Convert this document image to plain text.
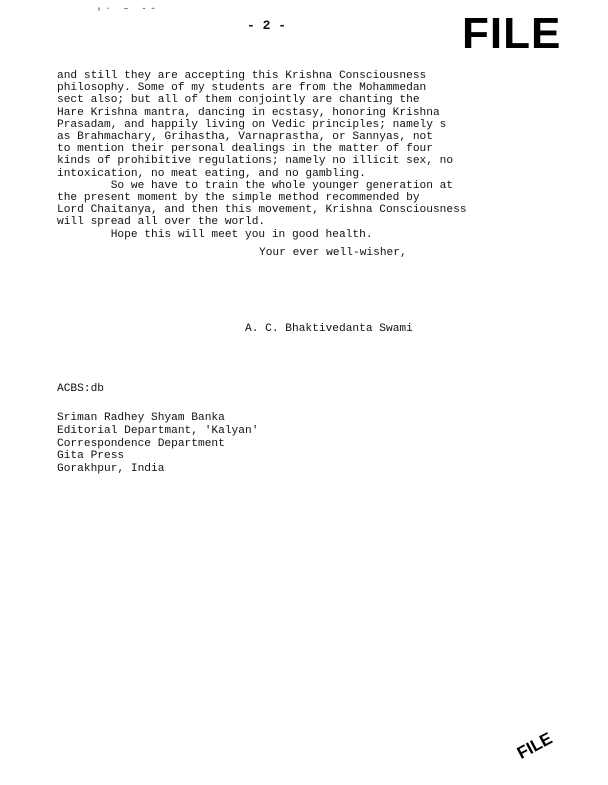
′´ ˜ ˇˆ
- 2 -	FILE
and still they are accepting this Krishna Consciousness
philosophy. Some of my students are from the Mohammedan
sect also; but all of them conjointly are chanting the
Hare Krishna mantra, dancing in ecstasy, honoring Krishna
Prasadam, and happily living on Vedic principles; namely s
as Brahmachary, Grihastha, Varnaprastha, or Sannyas, not
to mention their personal dealings in the matter of four
kinds of prohibitive regulations; namely no illicit sex, no
intoxication, no meat eating, and no gambling.
So we have to train the whole younger generation at
the present moment by the simple method recommended by
Lord Chaitanya, and then this movement, Krishna Consciousness
will spread all over the world.
Hope this will meet you in good health.
Your ever well-wisher,
A. C. Bhaktivedanta Swami
ACBS:db
Sriman Radhey Shyam Banka
Editorial Departmant, 'Kalyan'
Correspondence Department
Gita Press
Gorakhpur, India
FILE
